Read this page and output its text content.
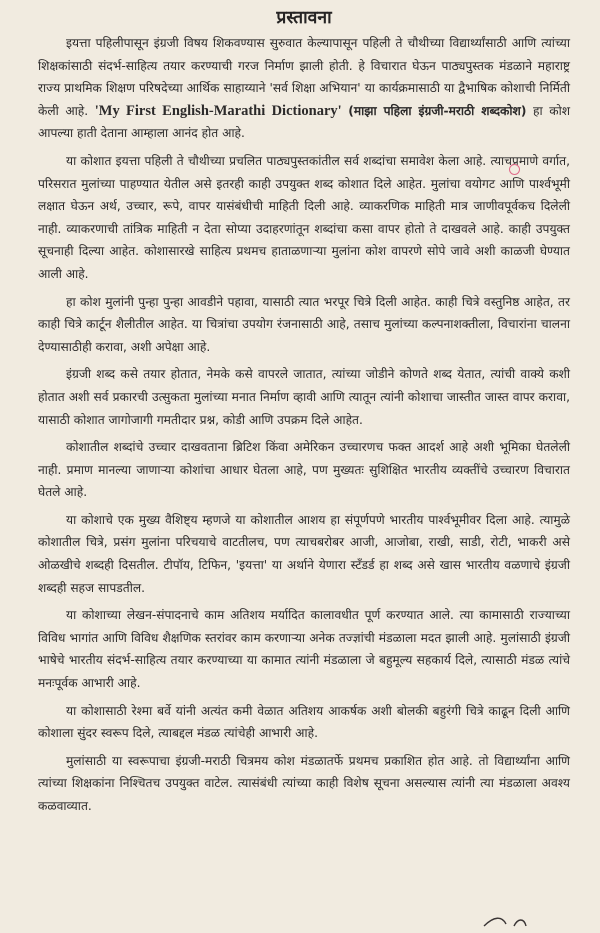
प्रस्तावना

इयत्ता पहिलीपासून इंग्रजी विषय शिकवण्यास सुरुवात केल्यापासून पहिली ते चौथीच्या विद्यार्थ्यांसाठी आणि त्यांच्या शिक्षकांसाठी संदर्भ-साहित्य तयार करण्याची गरज निर्माण झाली होती. हे विचारात घेऊन पाठ्यपुस्तक मंडळाने महाराष्ट्र राज्य प्राथमिक शिक्षण परिषदेच्या आर्थिक साहाय्याने 'सर्व शिक्षा अभियान' या कार्यक्रमासाठी या द्वैभाषिक कोशाची निर्मिती केली आहे. 'My First English-Marathi Dictionary' (माझा पहिला इंग्रजी-मराठी शब्दकोश) हा कोश आपल्या हाती देताना आम्हाला आनंद होत आहे.

या कोशात इयत्ता पहिली ते चौथीच्या प्रचलित पाठ्यपुस्तकांतील सर्व शब्दांचा समावेश केला आहे. त्याचप्रमाणे वर्गात, परिसरात मुलांच्या पाहण्यात येतील असे इतरही काही उपयुक्त शब्द कोशात दिले आहेत. मुलांचा वयोगट आणि पार्श्वभूमी लक्षात घेऊन अर्थ, उच्चार, रूपे, वापर यासंबंधीची माहिती दिली आहे. व्याकरणिक माहिती मात्र जाणीवपूर्वकच दिलेली नाही. व्याकरणाची तांत्रिक माहिती न देता सोप्या उदाहरणांतून शब्दांचा कसा वापर होतो ते दाखवले आहे. काही उपयुक्त सूचनाही दिल्या आहेत. कोशासारखे साहित्य प्रथमच हाताळणाऱ्या मुलांना कोश वापरणे सोपे जावे अशी काळजी घेण्यात आली आहे.

हा कोश मुलांनी पुन्हा पुन्हा आवडीने पहावा, यासाठी त्यात भरपूर चित्रे दिली आहेत. काही चित्रे वस्तुनिष्ठ आहेत, तर काही चित्रे कार्टून शैलीतील आहेत. या चित्रांचा उपयोग रंजनासाठी आहे, तसाच मुलांच्या कल्पनाशक्तीला, विचारांना चालना देण्यासाठीही करावा, अशी अपेक्षा आहे.

इंग्रजी शब्द कसे तयार होतात, नेमके कसे वापरले जातात, त्यांच्या जोडीने कोणते शब्द येतात, त्यांची वाक्ये कशी होतात अशी सर्व प्रकारची उत्सुकता मुलांच्या मनात निर्माण व्हावी आणि त्यातून त्यांनी कोशाचा जास्तीत जास्त वापर करावा, यासाठी कोशात जागोजागी गमतीदार प्रश्न, कोडी आणि उपक्रम दिले आहेत.

कोशातील शब्दांचे उच्चार दाखवताना ब्रिटिश किंवा अमेरिकन उच्चारणच फक्त आदर्श आहे अशी भूमिका घेतलेली नाही. प्रमाण मानल्या जाणाऱ्या कोशांचा आधार घेतला आहे, पण मुख्यतः सुशिक्षित भारतीय व्यक्तींचे उच्चारण विचारात घेतले आहे.

या कोशाचे एक मुख्य वैशिष्ट्य म्हणजे या कोशातील आशय हा संपूर्णपणे भारतीय पार्श्वभूमीवर दिला आहे. त्यामुळे कोशातील चित्रे, प्रसंग मुलांना परिचयाचे वाटतीलच, पण त्याचबरोबर आजी, आजोबा, राखी, साडी, रोटी, भाकरी असे ओळखीचे शब्दही दिसतील. टीपॉय, टिफिन, 'इयत्ता' या अर्थाने येणारा स्टँडर्ड हा शब्द असे खास भारतीय वळणाचे इंग्रजी शब्दही सहज सापडतील.

या कोशाच्या लेखन-संपादनाचे काम अतिशय मर्यादित कालावधीत पूर्ण करण्यात आले. त्या कामासाठी राज्याच्या विविध भागांत आणि विविध शैक्षणिक स्तरांवर काम करणाऱ्या अनेक तज्ज्ञांची मंडळाला मदत झाली आहे. मुलांसाठी इंग्रजी भाषेचे भारतीय संदर्भ-साहित्य तयार करण्याच्या या कामात त्यांनी मंडळाला जे बहुमूल्य सहकार्य दिले, त्यासाठी मंडळ त्यांचे मनःपूर्वक आभारी आहे.

या कोशासाठी रेश्मा बर्वे यांनी अत्यंत कमी वेळात अतिशय आकर्षक अशी बोलकी बहुरंगी चित्रे काढून दिली आणि कोशाला सुंदर स्वरूप दिले, त्याबद्दल मंडळ त्यांचेही आभारी आहे.

मुलांसाठी या स्वरूपाचा इंग्रजी-मराठी चित्रमय कोश मंडळातर्फे प्रथमच प्रकाशित होत आहे. तो विद्यार्थ्यांना आणि त्यांच्या शिक्षकांना निश्चितच उपयुक्त वाटेल. त्यासंबंधी त्यांच्या काही विशेष सूचना असल्यास त्यांनी त्या मंडळाला अवश्य कळवाव्यात.
